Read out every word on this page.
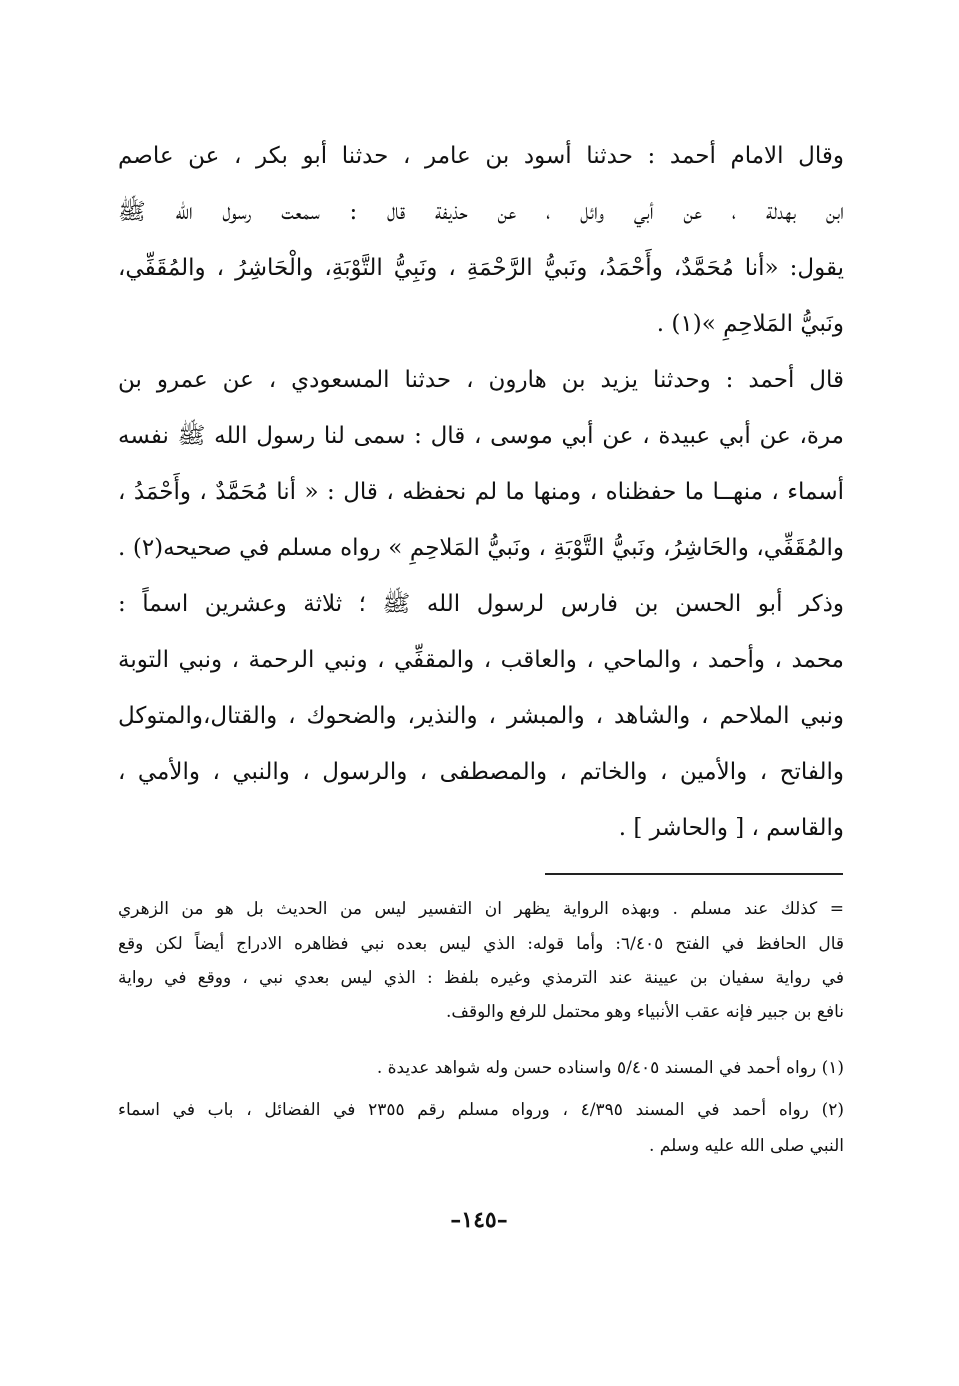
وقال الامام أحمد : حدثنا أسود بن عامر ، حدثنا أبو بكر ، عن عاصم
ابن بهدلة ، عن أبي وائل ، عن حذيفة قال : سمعت رسول الله ﷺ
يقول: «أنا مُحَمَّدٌ، وأَحْمَدُ، ونَبيُّ الرَّحْمَةِ ، ونَبِيُّ التَّوْبَةِ، والْحَاشِرُ ، والمُقَفِّي،
ونَبيُّ المَلاحِمِ »(١) .
قال أحمد : وحدثنا يزيد بن هارون ، حدثنا المسعودي ، عن عمرو بن
مرة، عن أبي عبيدة ، عن أبي موسى ، قال : سمى لنا رسول الله ﷺ نفسه
أسماء ، منهــا ما حفظناه ، ومنها ما لم نحفظه ، قال : « أنا مُحَمَّدٌ ، وأَحْمَدُ ،
والمُقَفِّي، والحَاشِرُ، ونَبيُّ التَّوْبَةِ ، ونَبيُّ المَلاحِمِ » رواه مسلم في صحيحه(٢) .
وذكر أبو الحسن بن فارس لرسول الله ﷺ ؛ ثلاثة وعشرين اسماً :
محمد ، وأحمد ، والماحي ، والعاقب ، والمقفِّي ، ونبي الرحمة ، ونبي التوبة
ونبي الملاحم ، والشاهد ، والمبشر ، والنذير، والضحوك ، والقتال،والمتوكل
والفاتح ، والأمين ، والخاتم ، والمصطفى ، والرسول ، والنبي ، والأمي ،
والقاسم ، [ والحاشر ] .
= كذلك عند مسلم . وبهذه الرواية يظهر ان التفسير ليس من الحديث بل هو من الزهري
قال الحافظ في الفتح ٦/٤٠٥: وأما قوله: الذي ليس بعده نبي فظاهره الادراج أيضاً لكن وقع
في رواية سفيان بن عيينة عند الترمذي وغيره بلفظ : الذي ليس بعدي نبي ، ووقع في رواية
نافع بن جبير فإنه عقب الأنبياء وهو محتمل للرفع والوقف.
(١) رواه أحمد في المسند ٥/٤٠٥ واسناده حسن وله شواهد عديدة .
(٢) رواه أحمد في المسند ٤/٣٩٥ ، ورواه مسلم رقم ٢٣٥٥ في الفضائل ، باب في اسماء
النبي صلى الله عليه وسلم .
–١٤٥–
